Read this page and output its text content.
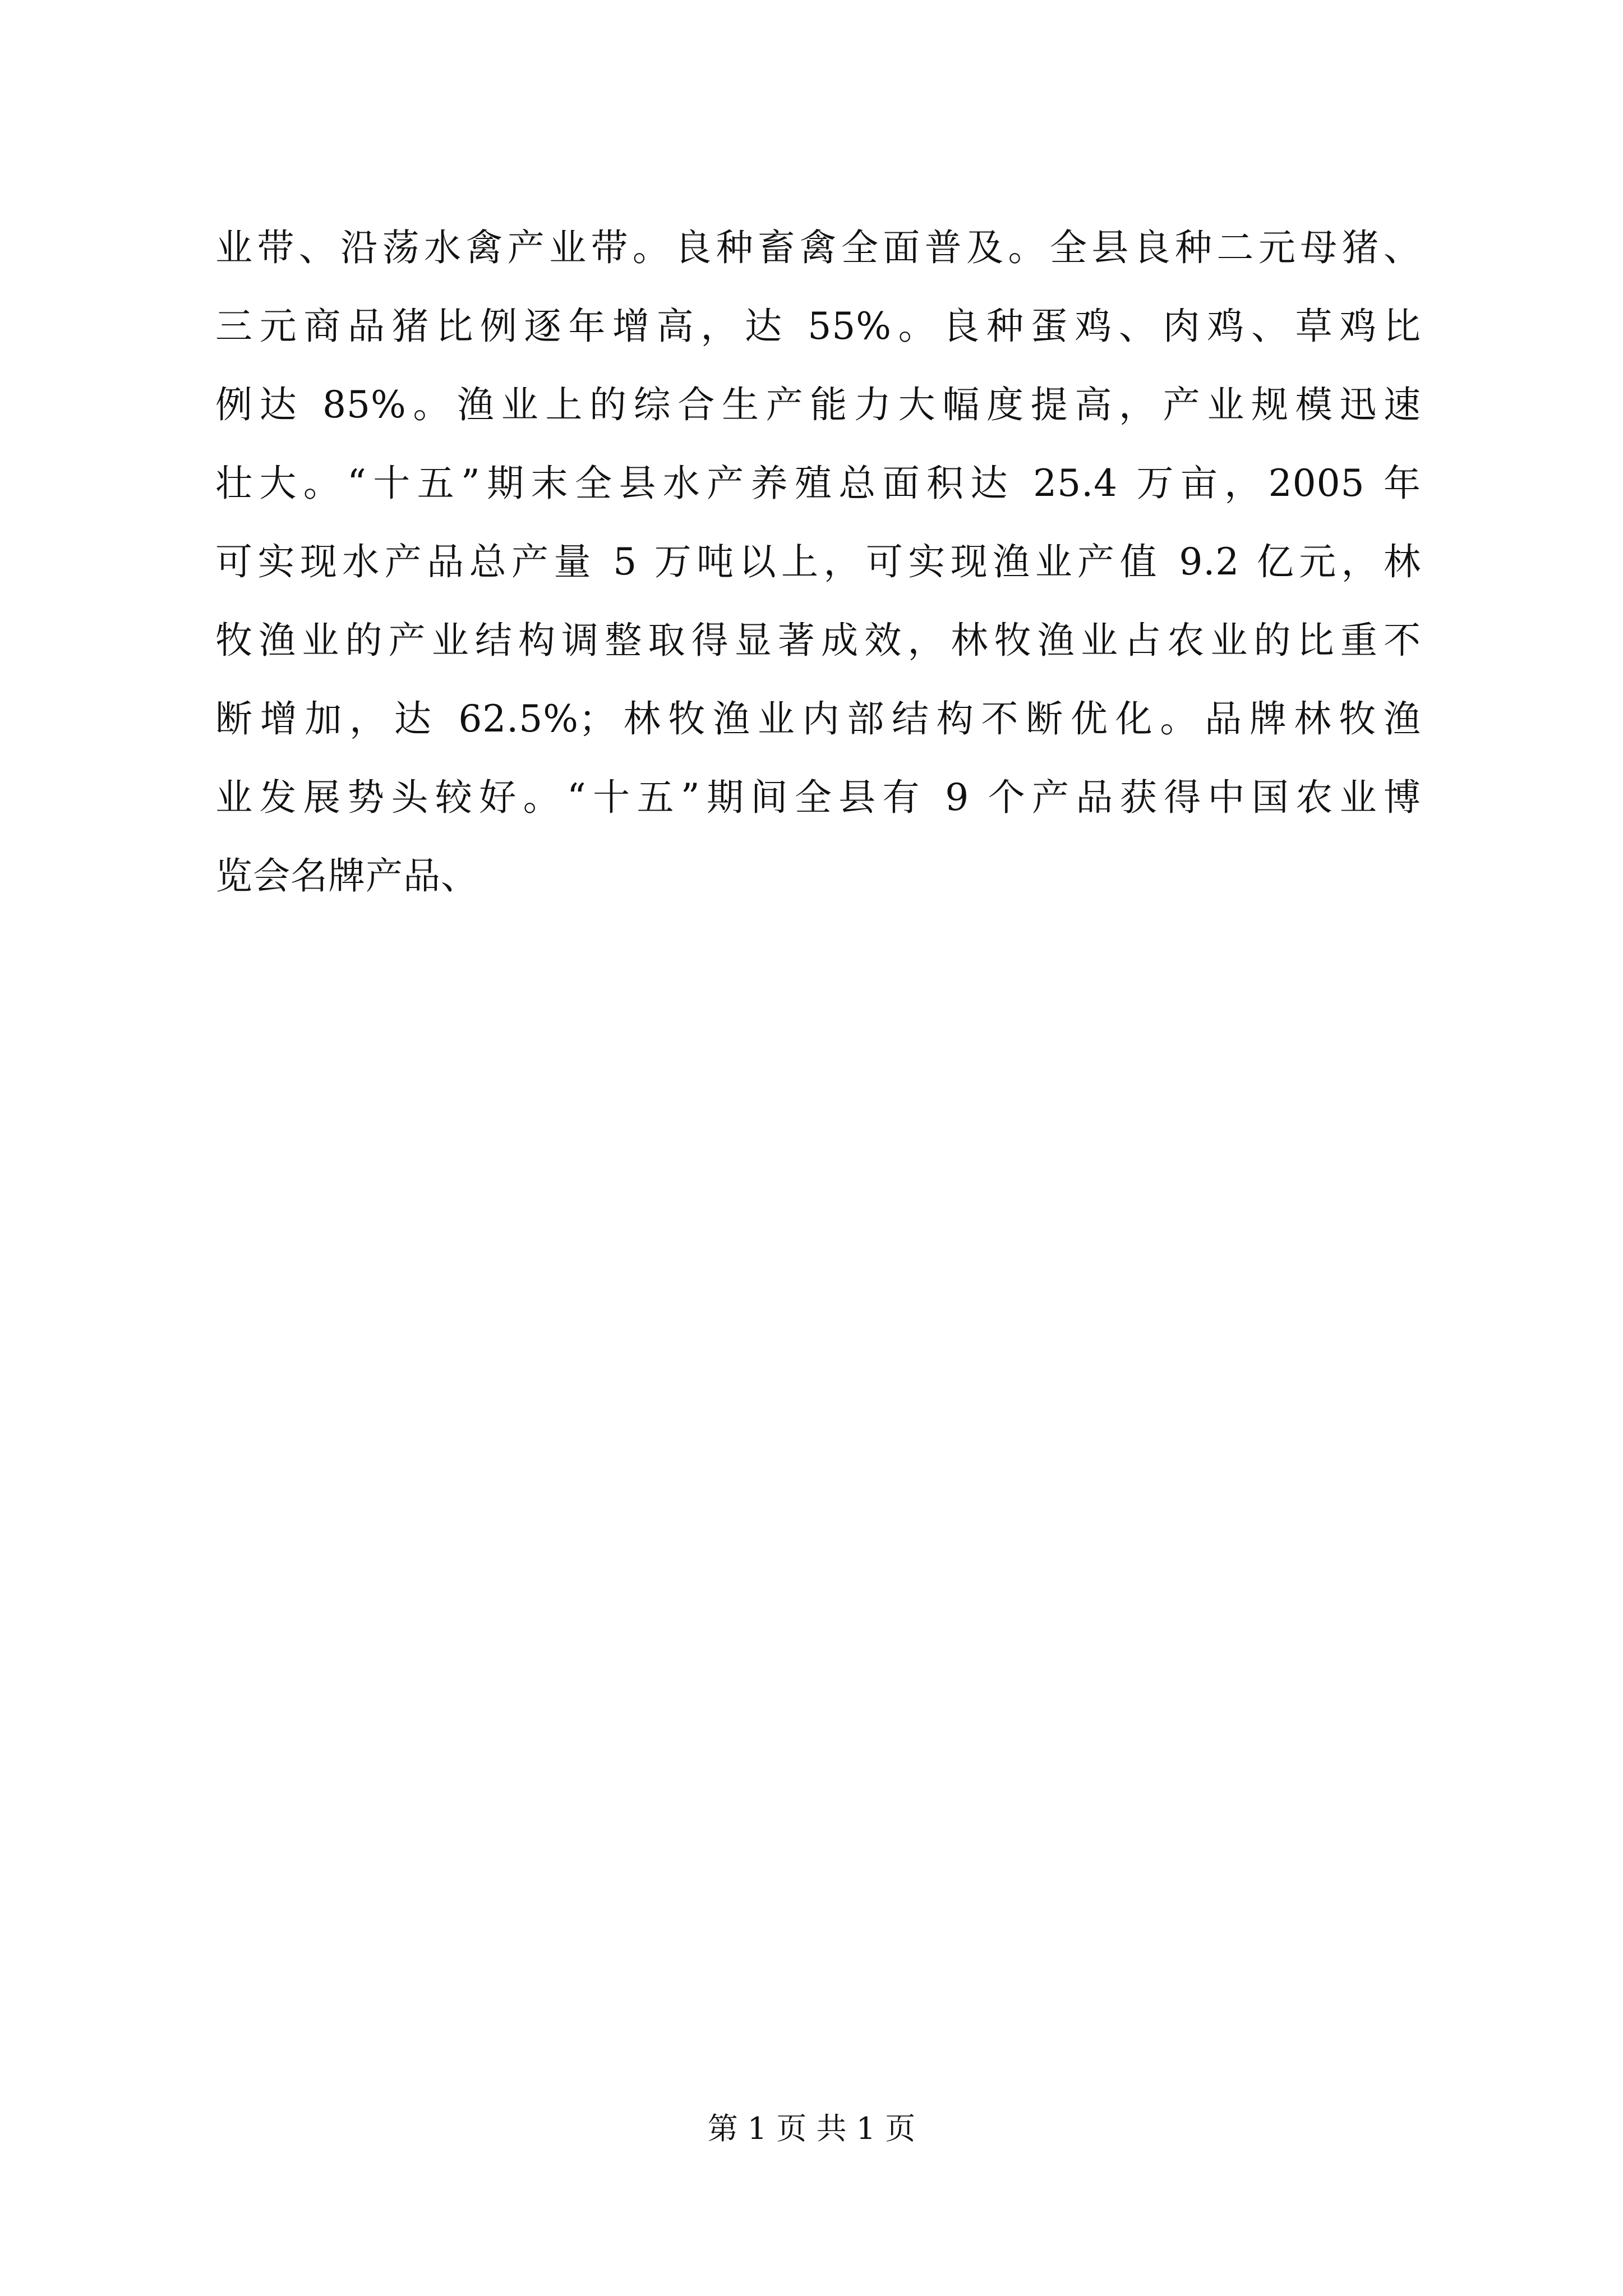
业带、沿荡水禽产业带。良种畜禽全面普及。全县良种二元母猪、
三元商品猪比例逐年增高，达 55%。良种蛋鸡、肉鸡、草鸡比
例达 85%。渔业上的综合生产能力大幅度提高，产业规模迅速
壮大。“十五”期末全县水产养殖总面积达 25.4 万亩，2005 年
可实现水产品总产量 5 万吨以上，可实现渔业产值 9.2 亿元，林
牧渔业的产业结构调整取得显著成效，林牧渔业占农业的比重不
断增加，达 62.5%；林牧渔业内部结构不断优化。品牌林牧渔
业发展势头较好。“十五”期间全县有 9 个产品获得中国农业博
览会名牌产品、
第 1 页 共 1 页
